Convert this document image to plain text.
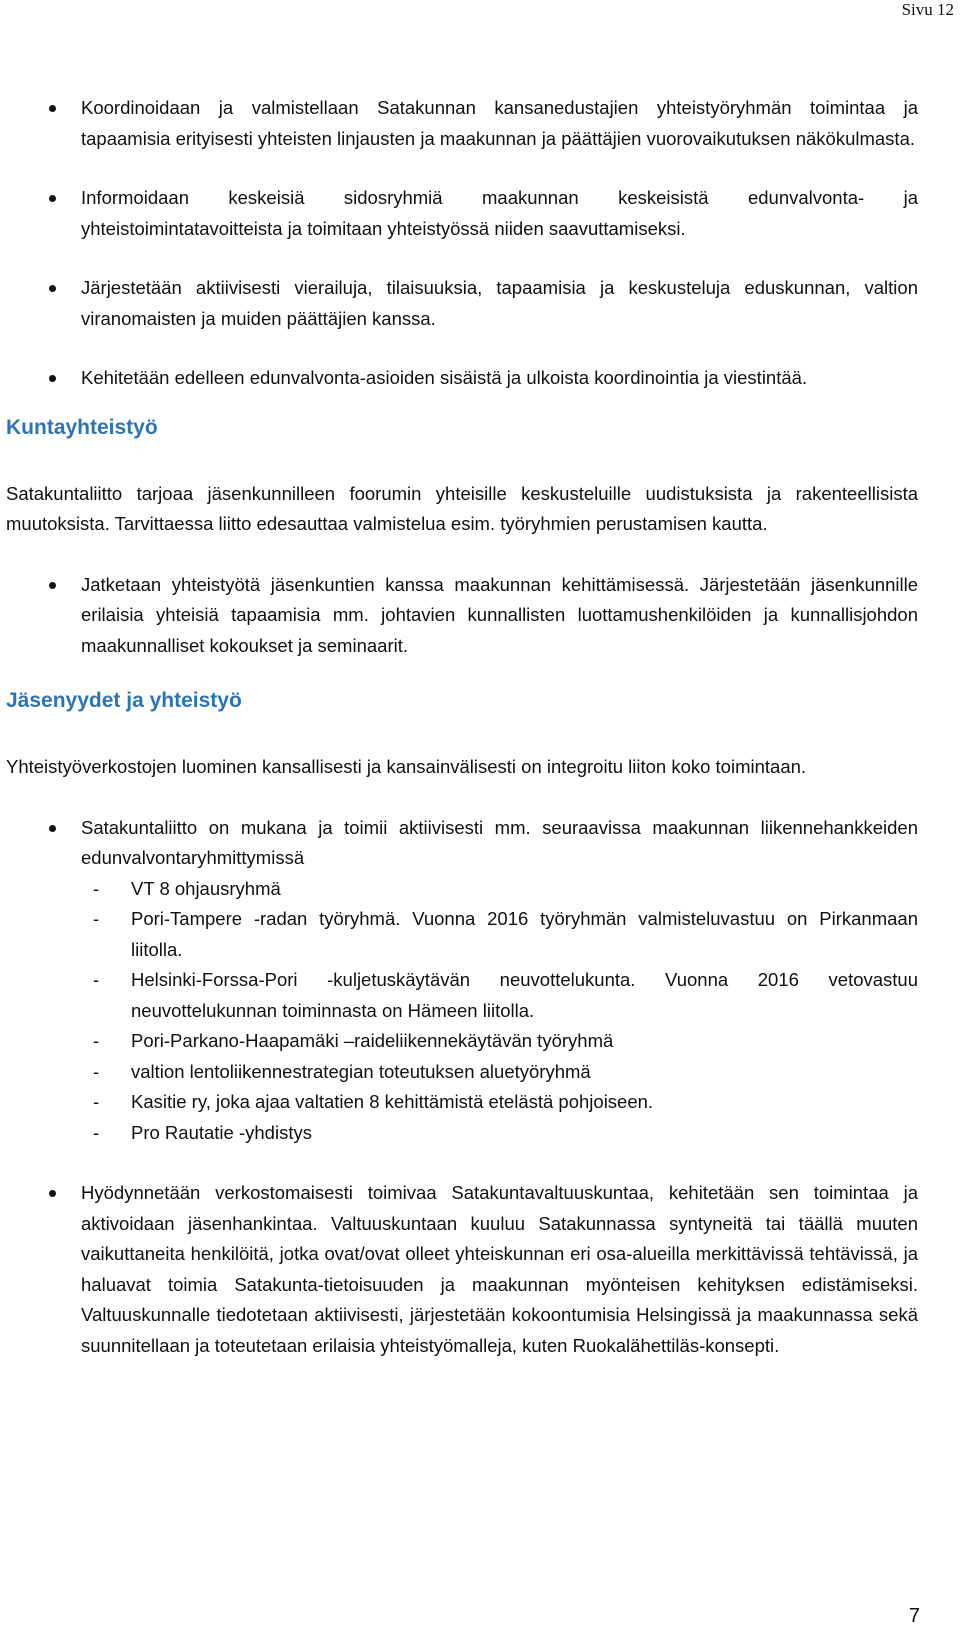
Sivu 12
Koordinoidaan ja valmistellaan Satakunnan kansanedustajien yhteistyöryhmän toimintaa ja tapaamisia erityisesti yhteisten linjausten ja maakunnan ja päättäjien vuorovaikutuksen näkökulmasta.
Informoidaan keskeisiä sidosryhmiä maakunnan keskeisistä edunvalvonta- ja yhteistoimintatavoitteista ja toimitaan yhteistyössä niiden saavuttamiseksi.
Järjestetään aktiivisesti vierailuja, tilaisuuksia, tapaamisia ja keskusteluja eduskunnan, valtion viranomaisten ja muiden päättäjien kanssa.
Kehitetään edelleen edunvalvonta-asioiden sisäistä ja ulkoista koordinointia ja viestintää.
Kuntayhteistyö

Satakuntaliitto tarjoaa jäsenkunnilleen foorumin yhteisille keskusteluille uudistuksista ja rakenteellisista muutoksista. Tarvittaessa liitto edesauttaa valmistelua esim. työryhmien perustamisen kautta.

Jatketaan yhteistyötä jäsenkuntien kanssa maakunnan kehittämisessä. Järjestetään jäsenkunnille erilaisia yhteisiä tapaamisia mm. johtavien kunnallisten luottamushenkilöiden ja kunnallisjohdon maakunnalliset kokoukset ja seminaarit.
Jäsenyydet ja yhteistyö

Yhteistyöverkostojen luominen kansallisesti ja kansainvälisesti on integroitu liiton koko toimintaan.

Satakuntaliitto on mukana ja toimii aktiivisesti mm. seuraavissa maakunnan liikennehankkeiden edunvalvontaryhmittymissä
- VT 8 ohjausryhmä
- Pori-Tampere -radan työryhmä. Vuonna 2016 työryhmän valmisteluvastuu on Pirkanmaan liitolla.
- Helsinki-Forssa-Pori -kuljetuskäytävän neuvottelukunta. Vuonna 2016 vetovastuu neuvottelukunnan toiminnasta on Hämeen liitolla.
- Pori-Parkano-Haapamäki –raideliikennekäytävän työryhmä
- valtion lentoliikennestrategian toteutuksen aluetyöryhmä
- Kasitie ry, joka ajaa valtatien 8 kehittämistä etelästä pohjoiseen.
- Pro Rautatie -yhdistys
Hyödynnetään verkostomaisesti toimivaa Satakuntavaltuuskuntaa, kehitetään sen toimintaa ja aktivoidaan jäsenhankintaa. Valtuuskuntaan kuuluu Satakunnassa syntyneitä tai täällä muuten vaikuttaneita henkilöitä, jotka ovat/ovat olleet yhteiskunnan eri osa-alueilla merkittävissä tehtävissä, ja haluavat toimia Satakunta-tietoisuuden ja maakunnan myönteisen kehityksen edistämiseksi. Valtuuskunnalle tiedotetaan aktiivisesti, järjestetään kokoontumisia Helsingissä ja maakunnassa sekä suunnitellaan ja toteutetaan erilaisia yhteistyömalleja, kuten Ruokalähettiläs-konsepti.
7
